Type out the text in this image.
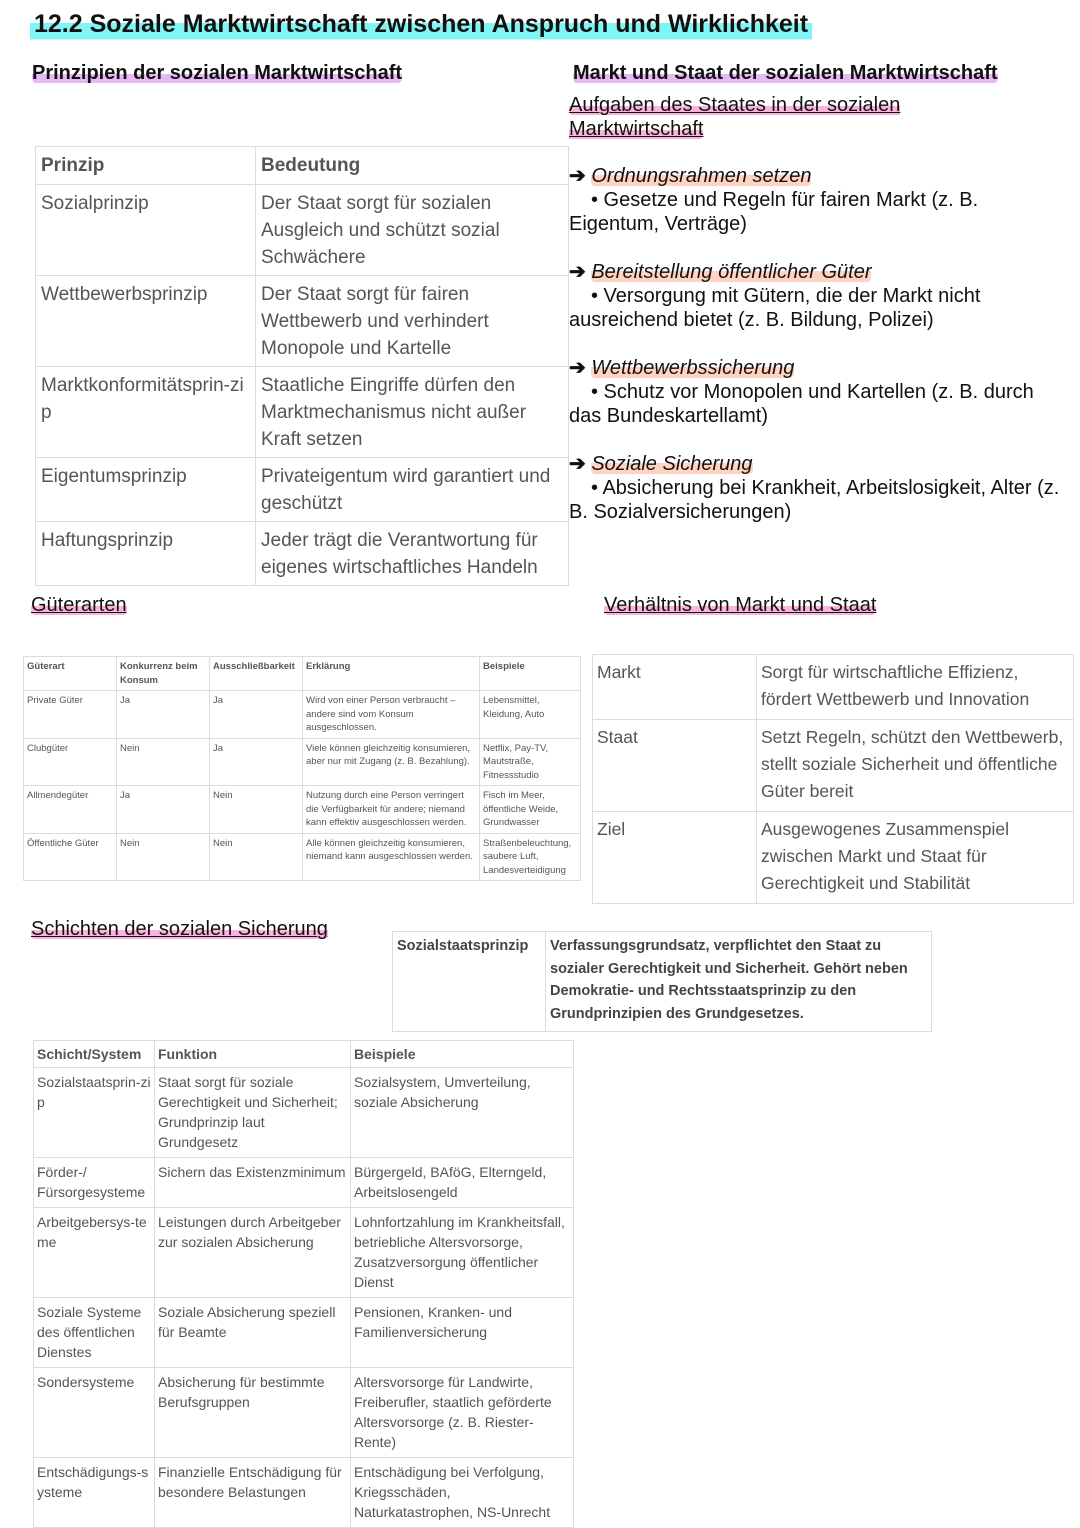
12.2 Soziale Marktwirtschaft zwischen Anspruch und Wirklichkeit
Prinzipien der sozialen Marktwirtschaft	Markt und Staat der sozialen Marktwirtschaft
Aufgaben des Staates in der sozialen Marktwirtschaft
Prinzip	Bedeutung
Sozialprinzip	Der Staat sorgt für sozialen Ausgleich und schützt sozial Schwächere
Wettbewerbsprinzip	Der Staat sorgt für fairen Wettbewerb und verhindert Monopole und Kartelle
Marktkonformitätsprin-zip	Staatliche Eingriffe dürfen den Marktmechanismus nicht außer Kraft setzen
Eigentumsprinzip	Privateigentum wird garantiert und geschützt
Haftungsprinzip	Jeder trägt die Verantwortung für eigenes wirtschaftliches Handeln
➔ Ordnungsrahmen setzen
• Gesetze und Regeln für fairen Markt (z. B. Eigentum, Verträge)
➔ Bereitstellung öffentlicher Güter
• Versorgung mit Gütern, die der Markt nicht ausreichend bietet (z. B. Bildung, Polizei)
➔ Wettbewerbssicherung
• Schutz vor Monopolen und Kartellen (z. B. durch das Bundeskartellamt)
➔ Soziale Sicherung
• Absicherung bei Krankheit, Arbeitslosigkeit, Alter (z. B. Sozialversicherungen)
Güterarten	Verhältnis von Markt und Staat
Güterart	Konkurrenz beim Konsum	Ausschließbarkeit	Erklärung	Beispiele
Private Güter	Ja	Ja	Wird von einer Person verbraucht – andere sind vom Konsum ausgeschlossen.	Lebensmittel, Kleidung, Auto
Clubgüter	Nein	Ja	Viele können gleichzeitig konsumieren, aber nur mit Zugang (z. B. Bezahlung).	Netflix, Pay-TV, Mautstraße, Fitnessstudio
Allmendegüter	Ja	Nein	Nutzung durch eine Person verringert die Verfügbarkeit für andere; niemand kann effektiv ausgeschlossen werden.	Fisch im Meer, öffentliche Weide, Grundwasser
Öffentliche Güter	Nein	Nein	Alle können gleichzeitig konsumieren, niemand kann ausgeschlossen werden.	Straßenbeleuchtung, saubere Luft, Landesverteidigung
Markt	Sorgt für wirtschaftliche Effizienz, fördert Wettbewerb und Innovation
Staat	Setzt Regeln, schützt den Wettbewerb, stellt soziale Sicherheit und öffentliche Güter bereit
Ziel	Ausgewogenes Zusammenspiel zwischen Markt und Staat für Gerechtigkeit und Stabilität
Schichten der sozialen Sicherung
Sozialstaatsprinzip	Verfassungsgrundsatz, verpflichtet den Staat zu sozialer Gerechtigkeit und Sicherheit. Gehört neben Demokratie- und Rechtsstaatsprinzip zu den Grundprinzipien des Grundgesetzes.
Schicht/System	Funktion	Beispiele
Sozialstaatsprin-zip	Staat sorgt für soziale Gerechtigkeit und Sicherheit; Grundprinzip laut Grundgesetz	Sozialsystem, Umverteilung, soziale Absicherung
Förder-/ Fürsorgesysteme	Sichern das Existenzminimum	Bürgergeld, BAföG, Elterngeld, Arbeitslosengeld
Arbeitgebersys-teme	Leistungen durch Arbeitgeber zur sozialen Absicherung	Lohnfortzahlung im Krankheitsfall, betriebliche Altersvorsorge, Zusatzversorgung öffentlicher Dienst
Soziale Systeme des öffentlichen Dienstes	Soziale Absicherung speziell für Beamte	Pensionen, Kranken- und Familienversicherung
Sondersysteme	Absicherung für bestimmte Berufsgruppen	Altersvorsorge für Landwirte, Freiberufler, staatlich geförderte Altersvorsorge (z. B. Riester-Rente)
Entschädigungs-systeme	Finanzielle Entschädigung für besondere Belastungen	Entschädigung bei Verfolgung, Kriegsschäden, Naturkatastrophen, NS-Unrecht
